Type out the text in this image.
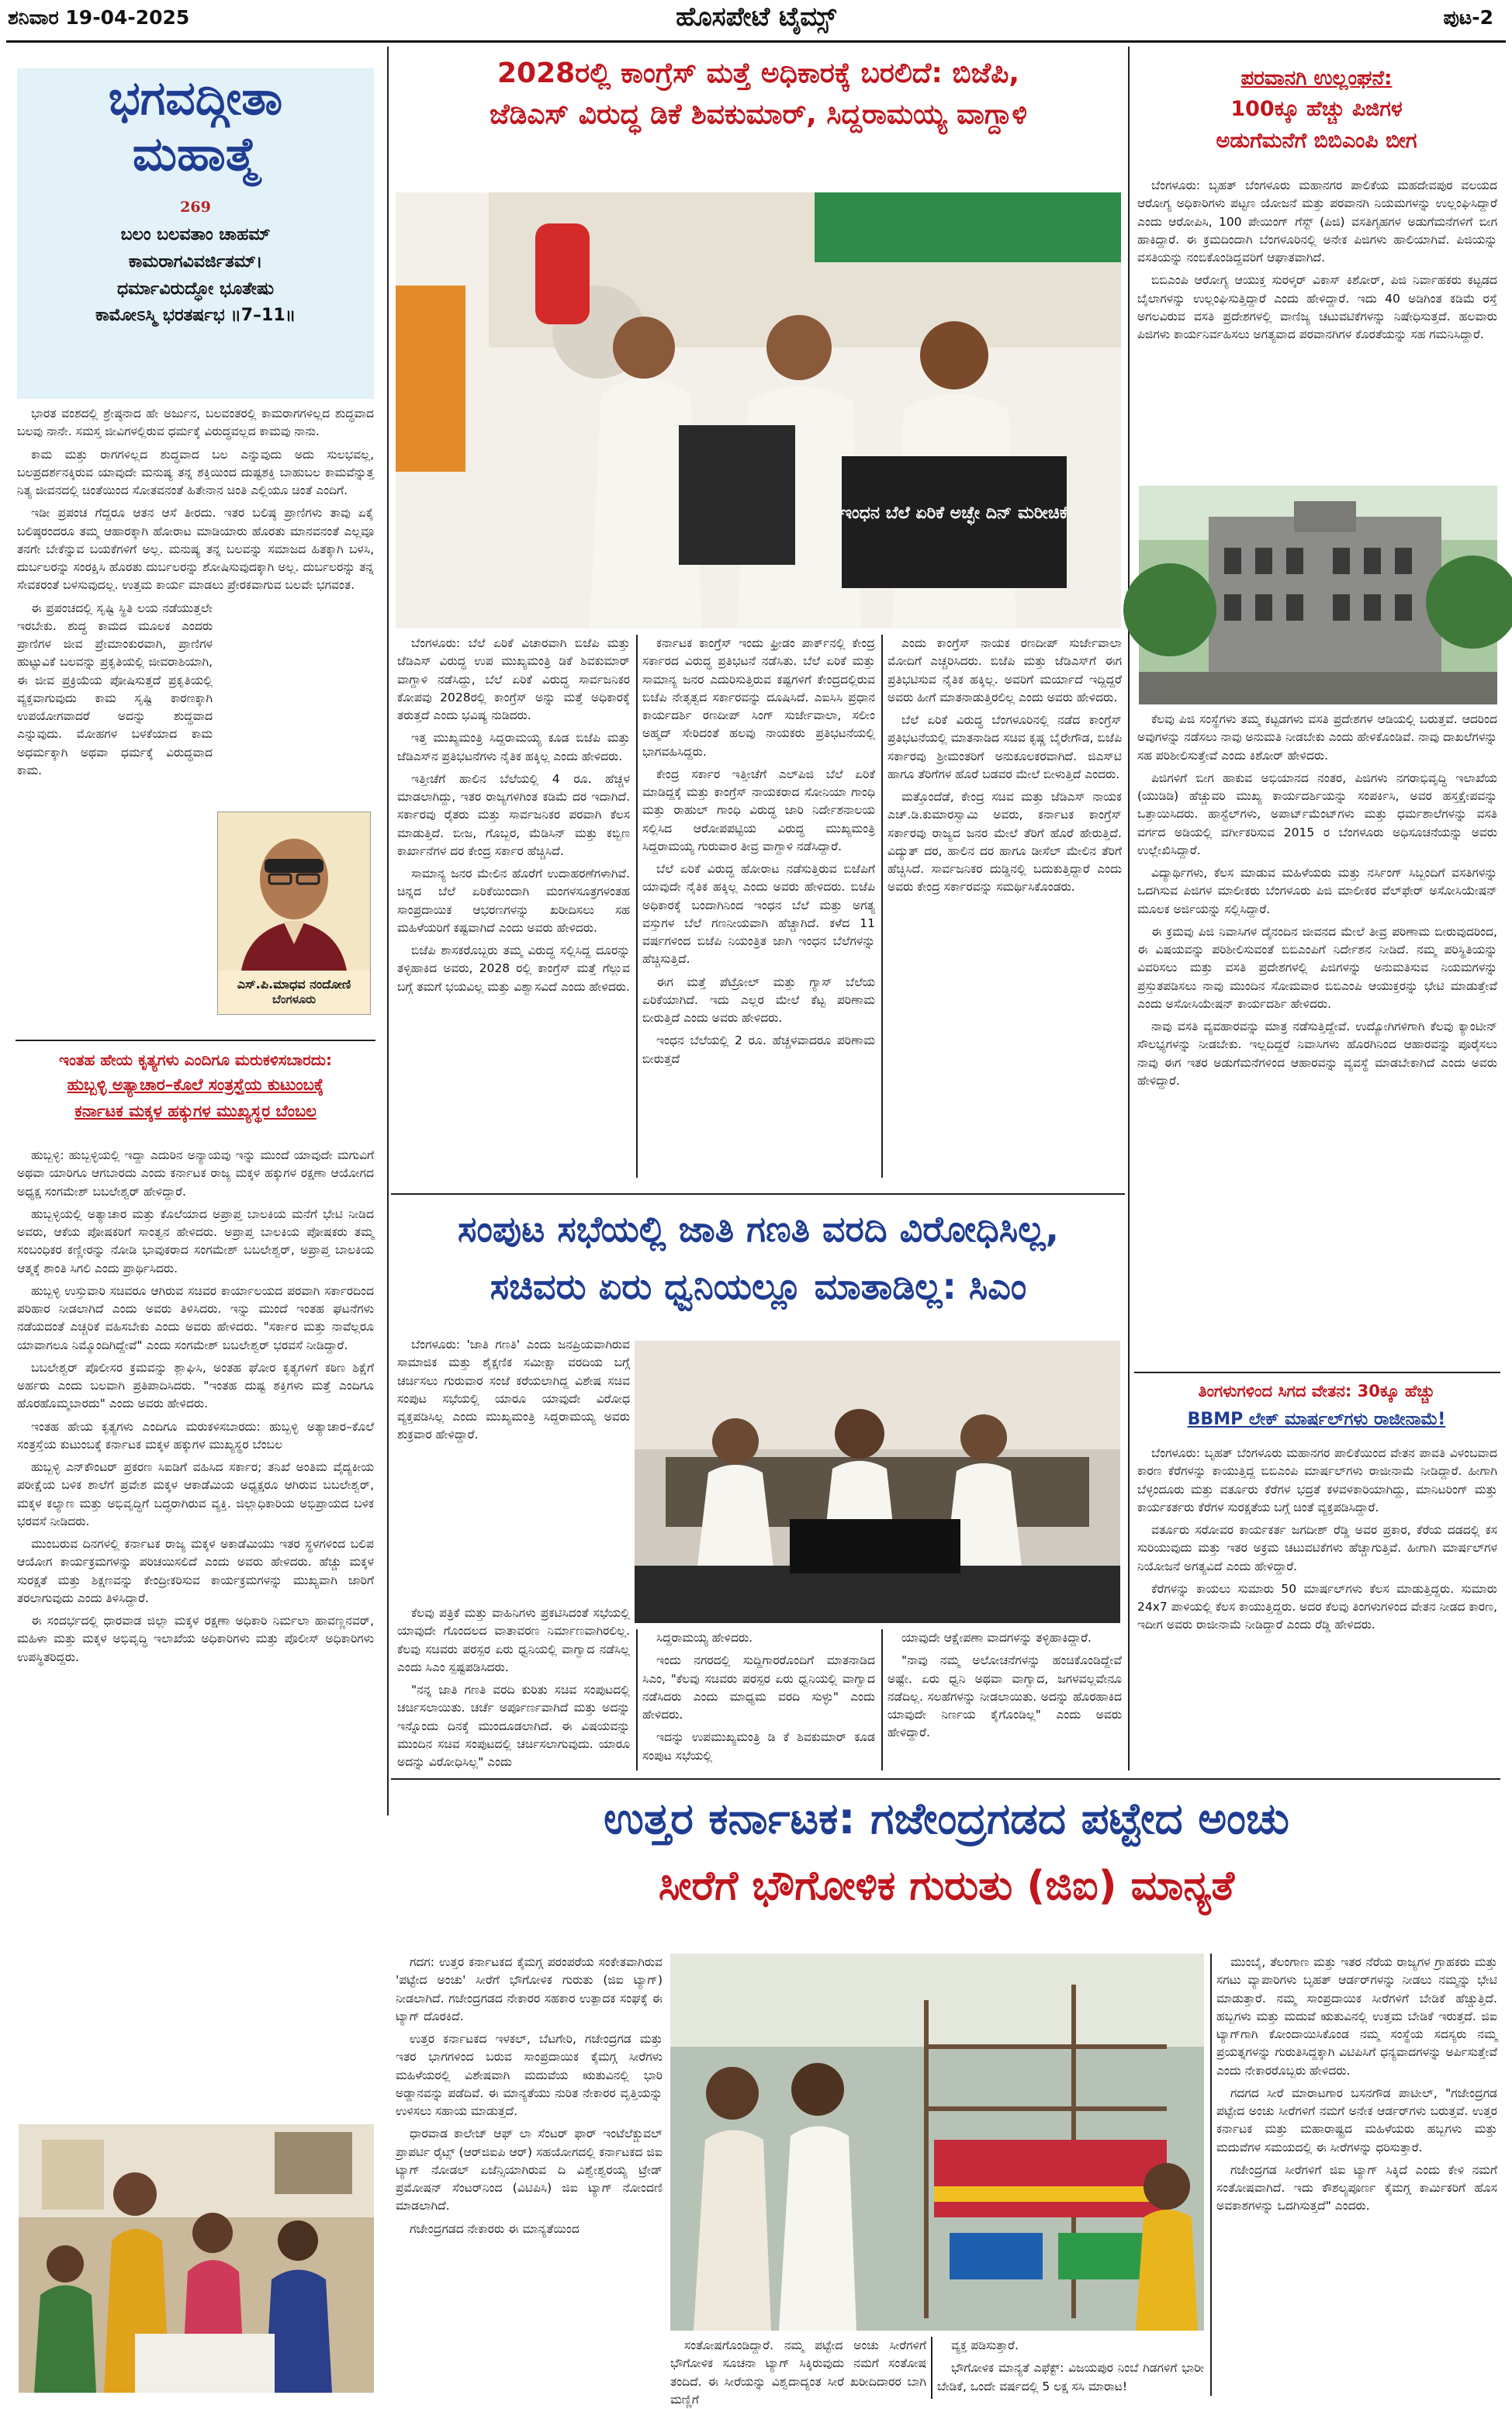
ಶನಿವಾರ 19-04-2025	ಹೊಸಪೇಟೆ ಟೈಮ್ಸ್	ಪುಟ-2
ಭಗವದ್ಗೀತಾ
ಮಹಾತ್ಮೆ
269
ಬಲಂ ಬಲವತಾಂ ಚಾಹಮ್
ಕಾಮರಾಗವಿವರ್ಜಿತಮ್।
ಧರ್ಮಾವಿರುದ್ಧೋ ಭೂತೇಷು
ಕಾಮೋಽಸ್ಮಿ ಭರತರ್ಷಭ ॥7–11॥

ಭಾರತ ವಂಶದಲ್ಲಿ ಶ್ರೇಷ್ಠನಾದ ಹೇ ಅರ್ಜುನ, ಬಲವಂತರಲ್ಲಿ ಕಾಮರಾಗಗಳಿಲ್ಲದ ಶುದ್ಧವಾದ ಬಲವು ನಾನೇ. ಸಮಸ್ತ ಜೀವಿಗಳಲ್ಲಿರುವ ಧರ್ಮಕ್ಕೆ ವಿರುದ್ಧವಲ್ಲದ ಕಾಮವು ನಾನು.

ಕಾಮ ಮತ್ತು ರಾಗಗಳಿಲ್ಲದ ಶುದ್ಧವಾದ ಬಲ ಎನ್ನುವುದು ಅದು ಸುಲಭವಲ್ಲ, ಬಲಪ್ರದರ್ಶನಕ್ಕಿರುವ ಯಾವುದೇ ಮನುಷ್ಯ ತನ್ನ ಶಕ್ತಿಯಿಂದ ದುಷ್ಟಶಕ್ತಿ ಬಾಹುಬಲ ಕಾಮವೆನ್ನುತ್ತ ನಿತ್ಯ ಜೀವನದಲ್ಲಿ ಚಿಂತೆಯಿಂದ ಸೋತವನಂತೆ ಹಿತೇನಾನ ಚಿಂತಿ ಎಲ್ಲಿಯೂ ಚಿಂತೆ ಎಂದಿಗೆ.

ಇಡೀ ಪ್ರಪಂಚ ಗೆದ್ದರೂ ಆತನ ಆಸೆ ತೀರದು. ಇತರ ಬಲಿಷ್ಠ ಪ್ರಾಣಿಗಳು ತಾವು ಏಕೈ ಬಲಿಷ್ಠರಂದರೂ ತಮ್ಮ ಆಹಾರಕ್ಕಾಗಿ ಹೋರಾಟ ಮಾಡಿಯಾರು ಹೊರತು ಮಾನವನಂತೆ ಎಲ್ಲವೂ ತನಗೇ ಬೇಕೆನ್ನುವ ಬಯಕೆಗಳಿಗೆ ಅಲ್ಲ. ಮನುಷ್ಯ ತನ್ನ ಬಲವನ್ನು ಸಮಾಜದ ಹಿತಕ್ಕಾಗಿ ಬಳಸಿ, ದುರ್ಬಲರನ್ನು ಸಂರಕ್ಷಿಸಿ ಹೊರತು ದುರ್ಬಲರನ್ನು ಶೋಷಿಸುವುದಕ್ಕಾಗಿ ಅಲ್ಲ. ದುರ್ಬಲರನ್ನು ತನ್ನ ಸೇವಕರಂತೆ ಬಳಸುವುದಲ್ಲ. ಉತ್ತಮ ಕಾರ್ಯ ಮಾಡಲು ಪ್ರೇರಕವಾಗುವ ಬಲವೇ ಭಗವಂತ.

ಈ ಪ್ರಪಂಚದಲ್ಲಿ ಸೃಷ್ಟಿ ಸ್ಥಿತಿ ಲಯ ನಡೆಯುತ್ತಲೇ ಇರಬೇಕು. ಶುದ್ಧ ಕಾಮದ ಮೂಲಕ ಎಂದರು ಪ್ರಾಣಿಗಳ ಜೀವ ಪ್ರೇಮಾಂಕುರವಾಗಿ, ಪ್ರಾಣಿಗಳ ಹುಟ್ಟುವಿಕೆ ಬಲವನ್ನು ಪ್ರಕೃತಿಯಲ್ಲಿ ಜೀವರಾಶಿಯಾಗಿ, ಈ ಜೀವ ಪ್ರಕ್ರಿಯೆಯ ಪೋಷಿಸುತ್ತದೆ ಪ್ರಕೃತಿಯಲ್ಲಿ ವ್ಯಕ್ತವಾಗುವುದು ಕಾಮ ಸೃಷ್ಟಿ ಕಾರಣಕ್ಕಾಗಿ ಉಪಯೋಗವಾದರೆ ಅದನ್ನು ಶುದ್ಧವಾದ ಎನ್ನುವುದು. ಮೋಹಗಳ ಬಳಕೆಯಾದ ಕಾಮ ಅಧರ್ಮಕ್ಕಾಗಿ ಅಥವಾ ಧರ್ಮಕ್ಕೆ ವಿರುದ್ಧವಾದ ಕಾಮ.

ಎಸ್.ಪಿ.ಮಾಧವ ನಂದೋಣಿ
ಬೆಂಗಳೂರು
ಇಂತಹ ಹೇಯ ಕೃತ್ಯಗಳು ಎಂದಿಗೂ ಮರುಕಳಿಸಬಾರದು:
ಹುಬ್ಬಳ್ಳಿ ಅತ್ಯಾಚಾರ–ಕೊಲೆ ಸಂತ್ರಸ್ತೆಯ ಕುಟುಂಬಕ್ಕೆ
ಕರ್ನಾಟಕ ಮಕ್ಕಳ ಹಕ್ಕುಗಳ ಮುಖ್ಯಸ್ಥರ ಬೆಂಬಲ

ಹುಬ್ಬಳ್ಳಿ: ಹುಬ್ಬಳ್ಳಿಯಲ್ಲಿ ಇದ್ದಾ ಎದುರಿನ ಅನ್ಯಾಯವು ಇನ್ನು ಮುಂದೆ ಯಾವುದೇ ಮಗುವಿಗೆ ಅಥವಾ ಯಾರಿಗೂ ಆಗಬಾರದು ಎಂದು ಕರ್ನಾಟಕ ರಾಜ್ಯ ಮಕ್ಕಳ ಹಕ್ಕುಗಳ ರಕ್ಷಣಾ ಆಯೋಗದ ಅಧ್ಯಕ್ಷ ಸಂಗಮೇಶ್ ಬಬಲೇಶ್ವರ್ ಹೇಳಿದ್ದಾರೆ.

ಹುಬ್ಬಳ್ಳಿಯಲ್ಲಿ ಅತ್ಯಾಚಾರ ಮತ್ತು ಕೊಲೆಯಾದ ಅಪ್ರಾಪ್ತ ಬಾಲಕಿಯ ಮನೆಗೆ ಭೇಟಿ ನೀಡಿದ ಅವರು, ಆಕೆಯ ಪೋಷಕರಿಗೆ ಸಾಂತ್ವನ ಹೇಳಿದರು. ಅಪ್ರಾಪ್ತ ಬಾಲಕಿಯ ಪೋಷಕರು ತಮ್ಮ ಸಂಬಂಧಿಕರ ಕಣ್ಣೀರನ್ನು ನೋಡಿ ಭಾವುಕರಾದ ಸಂಗಮೇಶ್ ಬಬಲೇಶ್ವರ್, ಅಪ್ರಾಪ್ತ ಬಾಲಕಿಯ ಆತ್ಮಕ್ಕೆ ಶಾಂತಿ ಸಿಗಲಿ ಎಂದು ಪ್ರಾರ್ಥಿಸಿದರು.

ಹುಬ್ಬಳ್ಳಿ ಉಸ್ತುವಾರಿ ಸಚಿವರೂ ಆಗಿರುವ ಸಚಿವರ ಕಾರ್ಯಾಲಯದ ಪರವಾಗಿ ಸರ್ಕಾರದಿಂದ ಪರಿಹಾರ ನೀಡಲಾಗಿದೆ ಎಂದು ಅವರು ತಿಳಿಸಿದರು. ಇನ್ನು ಮುಂದೆ ಇಂತಹ ಘಟನೆಗಳು ನಡೆಯದಂತೆ ಎಚ್ಚರಿಕೆ ವಹಿಸಬೇಕು ಎಂದು ಅವರು ಹೇಳಿದರು. "ಸರ್ಕಾರ ಮತ್ತು ನಾವೆಲ್ಲರೂ ಯಾವಾಗಲೂ ನಿಮ್ಮೊಂದಿಗಿದ್ದೇವೆ" ಎಂದು ಸಂಗಮೇಶ್ ಬಬಲೇಶ್ವರ್ ಭರವಸೆ ನೀಡಿದ್ದಾರೆ.

ಬಬಲೇಶ್ವರ್ ಪೊಲೀಸರ ಕ್ರಮವನ್ನು ಶ್ಲಾಘಿಸಿ, ಅಂತಹ ಘೋರ ಕೃತ್ಯಗಳಿಗೆ ಕಠಿಣ ಶಿಕ್ಷೆಗೆ ಅರ್ಹರು ಎಂದು ಬಲವಾಗಿ ಪ್ರತಿಪಾದಿಸಿದರು. "ಇಂತಹ ದುಷ್ಟ ಶಕ್ತಿಗಳು ಮತ್ತೆ ಎಂದಿಗೂ ಹೊರಹೊಮ್ಮಬಾರದು" ಎಂದು ಅವರು ಹೇಳಿದರು.

ಇಂತಹ ಹೇಯ ಕೃತ್ಯಗಳು ಎಂದಿಗೂ ಮರುಕಳಿಸಬಾರದು: ಹುಬ್ಬಳ್ಳಿ ಅತ್ಯಾಚಾರ–ಕೊಲೆ ಸಂತ್ರಸ್ತೆಯ ಕುಟುಂಬಕ್ಕೆ ಕರ್ನಾಟಕ ಮಕ್ಕಳ ಹಕ್ಕುಗಳ ಮುಖ್ಯಸ್ಥರ ಬೆಂಬಲ

ಹುಬ್ಬಳ್ಳಿ ಎನ್‌ಕೌಂಟರ್ ಪ್ರಕರಣ ಸಿಐಡಿಗೆ ವಹಿಸಿದ ಸರ್ಕಾರ; ತನಿಖೆ ಅಂತಿಮ ವೈದ್ಯಕೀಯ ಪರೀಕ್ಷೆಯ ಬಳಿಕ ಶಾಲೆಗೆ ಪ್ರವೇಶ ಮಕ್ಕಳ ಆಕಾಡೆಮಿಯ ಅಧ್ಯಕ್ಷರೂ ಆಗಿರುವ ಬಬಲೇಶ್ವರ್, ಮಕ್ಕಳ ಕಲ್ಯಾಣ ಮತ್ತು ಅಭಿವೃದ್ಧಿಗೆ ಬದ್ಧರಾಗಿರುವ ವ್ಯಕ್ತಿ. ಜಿಲ್ಲಾಧಿಕಾರಿಯ ಅಭಿಪ್ರಾಯದ ಬಳಿಕ ಭರವಸೆ ನೀಡಿದರು.

ಮುಂಬರುವ ದಿನಗಳಲ್ಲಿ ಕರ್ನಾಟಕ ರಾಜ್ಯ ಮಕ್ಕಳ ಅಕಾಡೆಮಿಯು ಇತರ ಸ್ಥಳಗಳಿಂದ ಬಲಿಪ ಆಯೋಗ ಕಾರ್ಯಕ್ರಮಗಳನ್ನು ಪರಿಚಯಿಸಲಿದೆ ಎಂದು ಅವರು ಹೇಳಿದರು. ಹೆಚ್ಚು ಮಕ್ಕಳ ಸುರಕ್ಷತೆ ಮತ್ತು ಶಿಕ್ಷಣವನ್ನು ಕೇಂದ್ರೀಕರಿಸುವ ಕಾರ್ಯಕ್ರಮಗಳನ್ನು ಮುಖ್ಯವಾಗಿ ಜಾರಿಗೆ ತರಲಾಗುವುದು ಎಂದು ತಿಳಿಸಿದ್ದಾರೆ.

ಈ ಸಂದರ್ಭದಲ್ಲಿ ಧಾರವಾಡ ಜಿಲ್ಲಾ ಮಕ್ಕಳ ರಕ್ಷಣಾ ಅಧಿಕಾರಿ ನಿರ್ಮಲಾ ಹಾವಣ್ಣನವರ್, ಮಹಿಳಾ ಮತ್ತು ಮಕ್ಕಳ ಅಭಿವೃದ್ಧಿ ಇಲಾಖೆಯ ಅಧಿಕಾರಿಗಳು ಮತ್ತು ಪೊಲೀಸ್ ಅಧಿಕಾರಿಗಳು ಉಪಸ್ಥಿತರಿದ್ದರು.

2028ರಲ್ಲಿ ಕಾಂಗ್ರೆಸ್ ಮತ್ತೆ ಅಧಿಕಾರಕ್ಕೆ ಬರಲಿದೆ: ಬಿಜೆಪಿ,
ಜೆಡಿಎಸ್ ವಿರುದ್ಧ ಡಿಕೆ ಶಿವಕುಮಾರ್, ಸಿದ್ದರಾಮಯ್ಯ ವಾಗ್ದಾಳಿ
ಇಂಧನ ಬೆಲೆ ಏರಿಕೆ ಅಚ್ಛೇ ದಿನ್ ಮರೀಚಿಕೆ

ಬೆಂಗಳೂರು: ಬೆಲೆ ಏರಿಕೆ ವಿಚಾರವಾಗಿ ಬಿಜೆಪಿ ಮತ್ತು ಜೆಡಿಎಸ್ ವಿರುದ್ಧ ಉಪ ಮುಖ್ಯಮಂತ್ರಿ ಡಿಕೆ ಶಿವಕುಮಾರ್ ವಾಗ್ದಾಳಿ ನಡೆಸಿದ್ದು, ಬೆಲೆ ಏರಿಕೆ ವಿರುದ್ಧ ಸಾರ್ವಜನಿಕರ ಕೋಪವು 2028ರಲ್ಲಿ ಕಾಂಗ್ರೆಸ್ ಅನ್ನು ಮತ್ತೆ ಅಧಿಕಾರಕ್ಕೆ ತರುತ್ತದೆ ಎಂದು ಭವಿಷ್ಯ ನುಡಿದರು.

ಇತ್ತ ಮುಖ್ಯಮಂತ್ರಿ ಸಿದ್ದರಾಮಯ್ಯ ಕೂಡ ಬಿಜೆಪಿ ಮತ್ತು ಜೆಡಿಎಸ್‌ನ ಪ್ರತಿಭಟನೆಗಳು ನೈತಿಕ ಹಕ್ಕಿಲ್ಲ ಎಂದು ಹೇಳಿದರು.

ಇತ್ತೀಚೆಗೆ ಹಾಲಿನ ಬೆಲೆಯಲ್ಲಿ 4 ರೂ. ಹೆಚ್ಚಳ ಮಾಡಲಾಗಿದ್ದು, ಇತರ ರಾಜ್ಯಗಳಿಗಿಂತ ಕಡಿಮೆ ದರ ಇದಾಗಿದೆ. ಸರ್ಕಾರವು ರೈತರು ಮತ್ತು ಸಾರ್ವಜನಿಕರ ಪರವಾಗಿ ಕೆಲಸ ಮಾಡುತ್ತಿದೆ. ಬೀಜ, ಗೊಬ್ಬರ, ಮೆಡಿಸಿನ್ ಮತ್ತು ಕಬ್ಬಿಣ ಕಾರ್ಖಾನೆಗಳ ದರ ಕೇಂದ್ರ ಸರ್ಕಾರ ಹೆಚ್ಚಿಸಿದೆ.

ಸಾಮಾನ್ಯ ಜನರ ಮೇಲಿನ ಹೊರೆಗೆ ಉದಾಹರಣೆಗಳಾಗಿವೆ. ಚಿನ್ನದ ಬೆಲೆ ಏರಿಕೆಯಿಂದಾಗಿ ಮಂಗಳಸೂತ್ರಗಳಂತಹ ಸಾಂಪ್ರದಾಯಿಕ ಆಭರಣಗಳನ್ನು ಖರೀದಿಸಲು ಸಹ ಮಹಿಳೆಯರಿಗೆ ಕಷ್ಟವಾಗಿದೆ ಎಂದು ಅವರು ಹೇಳಿದರು.

ಬಿಜೆಪಿ ಶಾಸಕರೊಬ್ಬರು ತಮ್ಮ ವಿರುದ್ಧ ಸಲ್ಲಿಸಿದ್ದ ದೂರನ್ನು ತಳ್ಳಿಹಾಕಿದ ಅವರು, 2028 ರಲ್ಲಿ ಕಾಂಗ್ರೆಸ್ ಮತ್ತೆ ಗೆಲ್ಲುವ ಬಗ್ಗೆ ತಮಗೆ ಭಯವಿಲ್ಲ ಮತ್ತು ವಿಶ್ವಾಸವಿದೆ ಎಂದು ಹೇಳಿದರು.

ಕರ್ನಾಟಕ ಕಾಂಗ್ರೆಸ್ ಇಂದು ಫ್ರೀಡಂ ಪಾರ್ಕ್‌ನಲ್ಲಿ ಕೇಂದ್ರ ಸರ್ಕಾರದ ವಿರುದ್ಧ ಪ್ರತಿಭಟನೆ ನಡೆಸಿತು. ಬೆಲೆ ಏರಿಕೆ ಮತ್ತು ಸಾಮಾನ್ಯ ಜನರ ಎದುರಿಸುತ್ತಿರುವ ಕಷ್ಟಗಳಿಗೆ ಕೇಂದ್ರದಲ್ಲಿರುವ ಬಿಜೆಪಿ ನೇತೃತ್ವದ ಸರ್ಕಾರವನ್ನು ದೂಷಿಸಿದೆ. ಎಐಸಿಸಿ ಪ್ರಧಾನ ಕಾರ್ಯದರ್ಶಿ ರಣದೀಪ್ ಸಿಂಗ್ ಸುರ್ಜೇವಾಲಾ, ಸಲೀಂ ಅಹ್ಮದ್ ಸೇರಿದಂತೆ ಹಲವು ನಾಯಕರು ಪ್ರತಿಭಟನೆಯಲ್ಲಿ ಭಾಗವಹಿಸಿದ್ದರು.

ಕೇಂದ್ರ ಸರ್ಕಾರ ಇತ್ತೀಚೆಗೆ ಎಲ್‌ಪಿಜಿ ಬೆಲೆ ಏರಿಕೆ ಮಾಡಿದ್ದಕ್ಕೆ ಮತ್ತು ಕಾಂಗ್ರೆಸ್ ನಾಯಕರಾದ ಸೋನಿಯಾ ಗಾಂಧಿ ಮತ್ತು ರಾಹುಲ್ ಗಾಂಧಿ ವಿರುದ್ಧ ಜಾರಿ ನಿರ್ದೇಶನಾಲಯ ಸಲ್ಲಿಸಿದ ಆರೋಪಪಟ್ಟಿಯ ವಿರುದ್ಧ ಮುಖ್ಯಮಂತ್ರಿ ಸಿದ್ದರಾಮಯ್ಯ ಗುರುವಾರ ತೀವ್ರ ವಾಗ್ದಾಳಿ ನಡೆಸಿದ್ದಾರೆ.

ಬೆಲೆ ಏರಿಕೆ ವಿರುದ್ಧ ಹೋರಾಟ ನಡೆಸುತ್ತಿರುವ ಬಿಜೆಪಿಗೆ ಯಾವುದೇ ನೈತಿಕ ಹಕ್ಕಿಲ್ಲ ಎಂದು ಅವರು ಹೇಳಿದರು. ಬಿಜೆಪಿ ಅಧಿಕಾರಕ್ಕೆ ಬಂದಾಗಿನಿಂದ ಇಂಧನ ಬೆಲೆ ಮತ್ತು ಅಗತ್ಯ ವಸ್ತುಗಳ ಬೆಲೆ ಗಣನೀಯವಾಗಿ ಹೆಚ್ಚಾಗಿದೆ. ಕಳೆದ 11 ವರ್ಷಗಳಿಂದ ಬಿಜೆಪಿ ನಿಯಂತ್ರಿತ ಜಾಗಿ ಇಂಧನ ಬೆಲೆಗಳನ್ನು ಹೆಚ್ಚಿಸುತ್ತಿದೆ.

ಈಗ ಮತ್ತೆ ಪೆಟ್ರೋಲ್ ಮತ್ತು ಗ್ಯಾಸ್ ಬೆಲೆಯ ಏರಿಕೆಯಾಗಿದೆ. ಇದು ಎಲ್ಲರ ಮೇಲೆ ಕೆಟ್ಟ ಪರಿಣಾಮ ಬೀರುತ್ತಿದೆ ಎಂದು ಅವರು ಹೇಳಿದರು.

ಇಂಧನ ಬೆಲೆಯಲ್ಲಿ 2 ರೂ. ಹೆಚ್ಚಳವಾದರೂ ಪರಿಣಾಮ ಬೀರುತ್ತದೆ

ಎಂದು ಕಾಂಗ್ರೆಸ್ ನಾಯಕ ರಣದೀಪ್ ಸುರ್ಜೇವಾಲಾ ಮೋದಿಗೆ ಎಚ್ಚರಿಸಿದರು. ಬಿಜೆಪಿ ಮತ್ತು ಜೆಡಿಎಸ್‌ಗೆ ಈಗ ಪ್ರತಿಭಟಿಸುವ ನೈತಿಕ ಹಕ್ಕಿಲ್ಲ. ಅವರಿಗೆ ಮರ್ಯಾದೆ ಇದ್ದಿದ್ದರೆ ಅವರು ಹೀಗೆ ಮಾತನಾಡುತ್ತಿರಲಿಲ್ಲ ಎಂದು ಅವರು ಹೇಳಿದರು.

ಬೆಲೆ ಏರಿಕೆ ವಿರುದ್ಧ ಬೆಂಗಳೂರಿನಲ್ಲಿ ನಡೆದ ಕಾಂಗ್ರೆಸ್ ಪ್ರತಿಭಟನೆಯಲ್ಲಿ ಮಾತನಾಡಿದ ಸಚಿವ ಕೃಷ್ಣ ಬೈರೇಗೌಡ, ಬಿಜೆಪಿ ಸರ್ಕಾರವು ಶ್ರೀಮಂತರಿಗೆ ಅನುಕೂಲಕರವಾಗಿದೆ. ಜಿಎಸ್‌ಟಿ ಹಾಗೂ ತೆರಿಗೆಗಳ ಹೊರೆ ಬಡವರ ಮೇಲೆ ಬೀಳುತ್ತಿದೆ ಎಂದರು.

ಮತ್ತೊಂದೆಡೆ, ಕೇಂದ್ರ ಸಚಿವ ಮತ್ತು ಜೆಡಿಎಸ್ ನಾಯಕ ಎಚ್.ಡಿ.ಕುಮಾರಸ್ವಾಮಿ ಅವರು, ಕರ್ನಾಟಕ ಕಾಂಗ್ರೆಸ್ ಸರ್ಕಾರವು ರಾಜ್ಯದ ಜನರ ಮೇಲೆ ತೆರಿಗೆ ಹೊರೆ ಹೇರುತ್ತಿದೆ. ವಿದ್ಯುತ್ ದರ, ಹಾಲಿನ ದರ ಹಾಗೂ ಡೀಸೆಲ್ ಮೇಲಿನ ತೆರಿಗೆ ಹೆಚ್ಚಿಸಿದೆ. ಸಾರ್ವಜನಿಕರ ದುಡ್ಡಿನಲ್ಲಿ ಬದುಕುತ್ತಿದ್ದಾರೆ ಎಂದು ಅವರು ಕೇಂದ್ರ ಸರ್ಕಾರವನ್ನು ಸಮರ್ಥಿಸಿಕೊಂಡರು.

ಸಂಪುಟ ಸಭೆಯಲ್ಲಿ ಜಾತಿ ಗಣತಿ ವರದಿ ವಿರೋಧಿಸಿಲ್ಲ,
ಸಚಿವರು ಏರು ಧ್ವನಿಯಲ್ಲೂ ಮಾತಾಡಿಲ್ಲ: ಸಿಎಂ

ಬೆಂಗಳೂರು: 'ಜಾತಿ ಗಣತಿ' ಎಂದು ಜನಪ್ರಿಯವಾಗಿರುವ ಸಾಮಾಜಿಕ ಮತ್ತು ಶೈಕ್ಷಣಿಕ ಸಮೀಕ್ಷಾ ವರದಿಯ ಬಗ್ಗೆ ಚರ್ಚಿಸಲು ಗುರುವಾರ ಸಂಜೆ ಕರೆಯಲಾಗಿದ್ದ ವಿಶೇಷ ಸಚಿವ ಸಂಪುಟ ಸಭೆಯಲ್ಲಿ ಯಾರೂ ಯಾವುದೇ ವಿರೋಧ ವ್ಯಕ್ತಪಡಿಸಿಲ್ಲ ಎಂದು ಮುಖ್ಯಮಂತ್ರಿ ಸಿದ್ದರಾಮಯ್ಯ ಅವರು ಶುಕ್ರವಾರ ಹೇಳಿದ್ದಾರೆ.

ಕೆಲವು ಪತ್ರಿಕೆ ಮತ್ತು ವಾಹಿನಿಗಳು ಪ್ರಕಟಿಸಿದಂತೆ ಸಭೆಯಲ್ಲಿ ಯಾವುದೇ ಗೊಂದಲದ ವಾತಾವರಣ ನಿರ್ಮಾಣವಾಗಿರಲಿಲ್ಲ. ಕೆಲವು ಸಚಿವರು ಪರಸ್ಪರ ಏರು ಧ್ವನಿಯಲ್ಲಿ ವಾಗ್ವಾದ ನಡೆಸಿಲ್ಲ ಎಂದು ಸಿಎಂ ಸ್ಪಷ್ಟಪಡಿಸಿದರು.

"ನನ್ನ ಜಾತಿ ಗಣತಿ ವರದಿ ಕುರಿತು ಸಚಿವ ಸಂಪುಟದಲ್ಲಿ ಚರ್ಚಿಸಲಾಯಿತು. ಚರ್ಚೆ ಅರ್ಪೂರ್ಣವಾಗಿದೆ ಮತ್ತು ಅದನ್ನು ಇನ್ನೊಂದು ದಿನಕ್ಕೆ ಮುಂದೂಡಲಾಗಿದೆ. ಈ ವಿಷಯವನ್ನು ಮುಂದಿನ ಸಚಿವ ಸಂಪುಟದಲ್ಲಿ ಚರ್ಚಿಸಲಾಗುವುದು. ಯಾರೂ ಅದನ್ನು ವಿರೋಧಿಸಿಲ್ಲ" ಎಂದು

ಸಿದ್ದರಾಮಯ್ಯ ಹೇಳಿದರು.

ಇಂದು ನಗರದಲ್ಲಿ ಸುದ್ದಿಗಾರರೊಂದಿಗೆ ಮಾತನಾಡಿದ ಸಿಎಂ, "ಕೆಲವು ಸಚಿವರು ಪರಸ್ಪರ ಏರು ಧ್ವನಿಯಲ್ಲಿ ವಾಗ್ವಾದ ನಡೆಸಿದರು ಎಂದು ಮಾಧ್ಯಮ ವರದಿ ಸುಳ್ಳು" ಎಂದು ಹೇಳಿದರು.

ಇದನ್ನು ಉಪಮುಖ್ಯಮಂತ್ರಿ ಡಿ ಕೆ ಶಿವಕುಮಾರ್ ಕೂಡ ಸಂಪುಟ ಸಭೆಯಲ್ಲಿ

ಯಾವುದೇ ಆಕ್ಷೇಪಣಾ ವಾದಗಳನ್ನು ತಳ್ಳಿಹಾಕಿದ್ದಾರೆ.

"ನಾವು ನಮ್ಮ ಅಲೋಚನೆಗಳನ್ನು ಹಂಚಿಕೊಂಡಿದ್ದೇವೆ ಅಷ್ಟೇ. ಏರು ಧ್ವನಿ ಅಥವಾ ವಾಗ್ವಾದ, ಜಗಳವಲ್ಲವೇನೂ ನಡೆದಿಲ್ಲ. ಸಲಹೆಗಳನ್ನು ನೀಡಲಾಯಿತು. ಅದನ್ನು ಹೊರಹಾಕಿದ ಯಾವುದೇ ನಿರ್ಣಯ ಕೈಗೊಂಡಿಲ್ಲ" ಎಂದು ಅವರು ಹೇಳಿದ್ದಾರೆ.

ಪರವಾನಗಿ ಉಲ್ಲಂಘನೆ:
100ಕ್ಕೂ ಹೆಚ್ಚು ಪಿಜಿಗಳ
ಅಡುಗೆಮನೆಗೆ ಬಿಬಿಎಂಪಿ ಬೀಗ

ಬೆಂಗಳೂರು: ಬೃಹತ್ ಬೆಂಗಳೂರು ಮಹಾನಗರ ಪಾಲಿಕೆಯ ಮಹದೇವಪುರ ವಲಯದ ಆರೋಗ್ಯ ಅಧಿಕಾರಿಗಳು ಪಟ್ಟಣ ಯೋಜನೆ ಮತ್ತು ಪರವಾನಗಿ ನಿಯಮಗಳನ್ನು ಉಲ್ಲಂಘಿಸಿದ್ದಾರೆ ಎಂದು ಆರೋಪಿಸಿ, 100 ಪೇಯಿಂಗ್ ಗೆಸ್ಟ್ (ಪಿಜಿ) ವಸತಿಗೃಹಗಳ ಅಡುಗೆಮನೆಗಳಿಗೆ ಬೀಗ ಹಾಕಿದ್ದಾರೆ. ಈ ಕ್ರಮದಿಂದಾಗಿ ಬೆಂಗಳೂರಿನಲ್ಲಿ ಅನೇಕ ಪಿಜಿಗಳು ಹಾಲಿಯಾಗಿವೆ. ಪಿಜಿಯನ್ನು ವಸತಿಯನ್ನು ನಂಬಿಕೊಂಡಿದ್ದವರಿಗೆ ಆಘಾತವಾಗಿದೆ.

ಬಿಬಿಎಂಪಿ ಆರೋಗ್ಯ ಆಯುಕ್ತ ಸುರಳ್ಕರ್ ವಿಕಾಸ್ ಕಿಶೋರ್, ಪಿಜಿ ನಿರ್ವಾಹಕರು ಕಟ್ಟಡದ ಬೈಲಾಗಳನ್ನು ಉಲ್ಲಂಘಿಸುತ್ತಿದ್ದಾರೆ ಎಂದು ಹೇಳಿದ್ದಾರೆ. ಇದು 40 ಅಡಿಗಿಂತ ಕಡಿಮೆ ರಸ್ತೆ ಅಗಲವಿರುವ ವಸತಿ ಪ್ರದೇಶಗಳಲ್ಲಿ ವಾಣಿಜ್ಯ ಚಟುವಟಿಕೆಗಳನ್ನು ನಿಷೇಧಿಸುತ್ತದೆ. ಹಲವಾರು ಪಿಜಿಗಳು ಕಾರ್ಯನಿರ್ವಹಿಸಲು ಅಗತ್ಯವಾದ ಪರವಾನಗಿಗಳ ಕೊರತೆಯನ್ನು ಸಹ ಗಮನಿಸಿದ್ದಾರೆ.

ಕೆಲವು ಪಿಜಿ ಸಂಸ್ಥೆಗಳು ತಮ್ಮ ಕಟ್ಟಡಗಳು ವಸತಿ ಪ್ರದೇಶಗಳ ಆಡಿಯಲ್ಲಿ ಬರುತ್ತವೆ. ಆದರಿಂದ ಅವುಗಳನ್ನು ನಡೆಸಲು ನಾವು ಅನುಮತಿ ನೀಡಬೇಕು ಎಂದು ಹೇಳಿಕೊಂಡಿವೆ. ನಾವು ದಾಖಲೆಗಳನ್ನು ಸಹ ಪರಿಶೀಲಿಸುತ್ತೇವೆ ಎಂದು ಕಿಶೋರ್ ಹೇಳಿದರು.

ಪಿಜಿಗಳಿಗೆ ಬೀಗ ಹಾಕುವ ಅಭಿಯಾನದ ನಂತರ, ಪಿಜಿಗಳು ನಗರಾಭಿವೃದ್ಧಿ ಇಲಾಖೆಯ (ಯುಡಿಡಿ) ಹೆಚ್ಚುವರಿ ಮುಖ್ಯ ಕಾರ್ಯದರ್ಶಿಯನ್ನು ಸಂಪರ್ಕಿಸಿ, ಅವರ ಹಸ್ತಕ್ಷೇಪವನ್ನು ಒತ್ತಾಯಿಸಿದರು. ಹಾಸ್ಟೆಲ್‌ಗಳು, ಅಪಾರ್ಟ್‌ಮೆಂಟ್‌ಗಳು ಮತ್ತು ಧರ್ಮಶಾಲೆಗಳನ್ನು ವಸತಿ ವರ್ಗದ ಅಡಿಯಲ್ಲಿ ವರ್ಗೀಕರಿಸುವ 2015 ರ ಬೆಂಗಳೂರು ಅಧಿಸೂಚನೆಯನ್ನು ಅವರು ಉಲ್ಲೇಖಿಸಿದ್ದಾರೆ.

ವಿದ್ಯಾರ್ಥಿಗಳು, ಕೆಲಸ ಮಾಡುವ ಮಹಿಳೆಯರು ಮತ್ತು ನರ್ಸಿಂಗ್ ಸಿಬ್ಬಂದಿಗೆ ವಸತಿಗಳನ್ನು ಒದಗಿಸುವ ಪಿಜಿಗಳ ಮಾಲೀಕರು ಬೆಂಗಳೂರು ಪಿಜಿ ಮಾಲೀಕರ ವೆಲ್‌ಫೇರ್ ಅಸೋಸಿಯೇಷನ್ ಮೂಲಕ ಅರ್ಜಿಯನ್ನು ಸಲ್ಲಿಸಿದ್ದಾರೆ.

ಈ ಕ್ರಮವು ಪಿಜಿ ನಿವಾಸಿಗಳ ದೈನಂದಿನ ಜೀವನದ ಮೇಲೆ ತೀವ್ರ ಪರಿಣಾಮ ಬೀರುವುದರಿಂದ, ಈ ವಿಷಯವನ್ನು ಪರಿಶೀಲಿಸುವಂತೆ ಬಿಬಿಎಂಪಿಗೆ ನಿರ್ದೇಶನ ನೀಡಿದೆ. ನಮ್ಮ ಪರಿಸ್ಥಿತಿಯನ್ನು ವಿವರಿಸಲು ಮತ್ತು ವಸತಿ ಪ್ರದೇಶಗಳಲ್ಲಿ ಪಿಜಿಗಳನ್ನು ಅನುಮತಿಸುವ ನಿಯಮಗಳನ್ನು ಪ್ರಸ್ತುತಪಡಿಸಲು ನಾವು ಮುಂದಿನ ಸೋಮವಾರ ಬಿಬಿಎಂಪಿ ಆಯುಕ್ತರನ್ನು ಭೇಟಿ ಮಾಡುತ್ತೇವೆ ಎಂದು ಅಸೋಸಿಯೇಷನ್ ಕಾರ್ಯದರ್ಶಿ ಹೇಳಿದರು.

ನಾವು ವಸತಿ ವ್ಯವಹಾರವನ್ನು ಮಾತ್ರ ನಡೆಸುತ್ತಿದ್ದೇವೆ. ಉದ್ಯೋಗಿಗಳಿಗಾಗಿ ಕೆಲವು ಕ್ಯಾಂಟೀನ್ ಸೌಲಭ್ಯಗಳನ್ನು ನೀಡಬೇಕು. ಇಲ್ಲದಿದ್ದರೆ ನಿವಾಸಿಗಳು ಹೊರಗಿನಿಂದ ಆಹಾರವನ್ನು ಪೂರೈಸಲು ನಾವು ಈಗ ಇತರ ಅಡುಗೆಮನೆಗಳಿಂದ ಆಹಾರವನ್ನು ವ್ಯವಸ್ಥೆ ಮಾಡಬೇಕಾಗಿದೆ ಎಂದು ಅವರು ಹೇಳಿದ್ದಾರೆ.

ತಿಂಗಳುಗಳಿಂದ ಸಿಗದ ವೇತನ: 30ಕ್ಕೂ ಹೆಚ್ಚು
BBMP ಲೇಕ್ ಮಾರ್ಷಲ್‌ಗಳು ರಾಜೀನಾಮೆ!

ಬೆಂಗಳೂರು: ಬೃಹತ್ ಬೆಂಗಳೂರು ಮಹಾನಗರ ಪಾಲಿಕೆಯಿಂದ ವೇತನ ಪಾವತಿ ವಿಳಂಬವಾದ ಕಾರಣ ಕೆರೆಗಳನ್ನು ಕಾಯುತ್ತಿದ್ದ ಬಿಬಿಎಂಪಿ ಮಾರ್ಷಲ್‌ಗಳು ರಾಜೀನಾಮೆ ನೀಡಿದ್ದಾರೆ. ಹೀಗಾಗಿ ಬೆಳ್ಳಂದೂರು ಮತ್ತು ವರ್ತೂರು ಕೆರೆಗಳ ಭದ್ರತೆ ಕಳವಳಕಾರಿಯಾಗಿದ್ದು, ಮಾನಿಟರಿಂಗ್ ಮತ್ತು ಕಾರ್ಯಕರ್ತರು ಕೆರೆಗಳ ಸುರಕ್ಷತೆಯ ಬಗ್ಗೆ ಚಿಂತೆ ವ್ಯಕ್ತಪಡಿಸಿದ್ದಾರೆ.

ವರ್ತೂರು ಸರೋವರ ಕಾರ್ಯಕರ್ತ ಜಗದೀಶ್ ರೆಡ್ಡಿ ಅವರ ಪ್ರಕಾರ, ಕೆರೆಯ ದಡದಲ್ಲಿ ಕಸ ಸುರಿಯುವುದು ಮತ್ತು ಇತರ ಅಕ್ರಮ ಚಟುವಟಿಕೆಗಳು ಹೆಚ್ಚಾಗುತ್ತಿವೆ. ಹೀಗಾಗಿ ಮಾರ್ಷಲ್‌ಗಳ ನಿಯೋಜನೆ ಅಗತ್ಯವಿದೆ ಎಂದು ಹೇಳಿದ್ದಾರೆ.

ಕೆರೆಗಳನ್ನು ಕಾಯಲು ಸುಮಾರು 50 ಮಾರ್ಷಲ್‌ಗಳು ಕೆಲಸ ಮಾಡುತ್ತಿದ್ದರು. ಸುಮಾರು 24x7 ಪಾಳಿಯಲ್ಲಿ ಕೆಲಸ ಕಾಯುತ್ತಿದ್ದರು. ಅದರ ಕೆಲವು ತಿಂಗಳುಗಳಿಂದ ವೇತನ ನೀಡದ ಕಾರಣ, ಇದೀಗ ಅವರು ರಾಜೀನಾಮೆ ನೀಡಿದ್ದಾರೆ ಎಂದು ರೆಡ್ಡಿ ಹೇಳಿದರು.

ಉತ್ತರ ಕರ್ನಾಟಕ: ಗಜೇಂದ್ರಗಡದ ಪಟ್ಟೇದ ಅಂಚು
ಸೀರೆಗೆ ಭೌಗೋಳಿಕ ಗುರುತು (ಜಿಐ) ಮಾನ್ಯತೆ

ಗದಗ: ಉತ್ತರ ಕರ್ನಾಟಕದ ಕೈಮಗ್ಗ ಪರಂಪರೆಯ ಸಂಕೇತವಾಗಿರುವ 'ಪಟ್ಟೇದ ಅಂಚು' ಸೀರೆಗೆ ಭೌಗೋಳಿಕ ಗುರುತು (ಜಿಐ ಟ್ಯಾಗ್) ನೀಡಲಾಗಿದೆ. ಗಜೇಂದ್ರಗಡದ ನೇಕಾರರ ಸಹಕಾರ ಉತ್ಪಾದಕ ಸಂಘಕ್ಕೆ ಈ ಟ್ಯಾಗ್ ದೊರಕಿದೆ.

ಉತ್ತರ ಕರ್ನಾಟಕದ ಇಳಕಲ್, ಬೆಟಗೇರಿ, ಗಜೇಂದ್ರಗಡ ಮತ್ತು ಇತರ ಭಾಗಗಳಿಂದ ಬರುವ ಸಾಂಪ್ರದಾಯಿಕ ಕೈಮಗ್ಗ ಸೀರೆಗಳು ಮಹಿಳೆಯರಲ್ಲಿ ವಿಶೇಷವಾಗಿ ಮದುವೆಯ ಋತುವಿನಲ್ಲಿ ಭಾರಿ ಅಡ್ಡಾನವನ್ನು ಪಡೆದಿವೆ. ಈ ಮಾನ್ಯತೆಯು ನುರಿತ ನೇಕಾರರ ವೃತ್ತಿಯನ್ನು ಉಳಿಸಲು ಸಹಾಯ ಮಾಡುತ್ತದೆ.

ಧಾರವಾಡ ಕಾಲೇಜ್ ಆಫ್ ಲಾ ಸೆಂಟರ್ ಫಾರ್ ಇಂಟೆಲೆಕ್ಚುವಲ್ ಪ್ರಾಪರ್ಟಿ ರೈಟ್ಸ್ (ಆರ್‌ಜಿಐಪಿ ಆರ್) ಸಹಯೋಗದಲ್ಲಿ ಕರ್ನಾಟಕದ ಜಿಐ ಟ್ಯಾಗ್ ನೋಡಲ್ ಏಜೆನ್ಸಿಯಾಗಿರುವ ದಿ ವಿಶ್ವೇಶ್ವರಯ್ಯ ಟ್ರೇಡ್ ಪ್ರಮೋಷನ್ ಸೆಂಟರ್‌ನಿಂದ (ವಿಟಿಪಿಸಿ) ಜಿಐ ಟ್ಯಾಗ್ ನೋಂದಣಿ ಮಾಡಲಾಗಿದೆ.

ಗಜೇಂದ್ರಗಡದ ನೇಕಾರರು ಈ ಮಾನ್ಯತೆಯಿಂದ

ಸಂತೋಷಗೊಂಡಿದ್ದಾರೆ. ನಮ್ಮ ಪಟ್ಟೇದ ಅಂಚು ಸೀರೆಗಳಿಗೆ ಭೌಗೋಳಿಕ ಸೂಚನಾ ಟ್ಯಾಗ್ ಸಿಕ್ಕಿರುವುದು ನಮಗೆ ಸಂತೋಷ ತಂದಿದೆ. ಈ ಸೀರೆಯನ್ನು ವಿಶ್ವದಾದ್ಯಂತ ಸೀರೆ ಖರೀದಿದಾರರ ಬಾಗಿ ಮಣ್ಣಿಗೆ

ವ್ಯಕ್ತ ಪಡಿಸುತ್ತಾರೆ.

ಭೌಗೋಳಿಕ ಮಾನ್ಯತೆ ಎಫೆಕ್ಟ್: ವಿಜಯಪುರ ನಿಂಬೆ ಗಿಡಗಳಿಗೆ ಭಾರೀ ಬೇಡಿಕೆ, ಒಂದೇ ವರ್ಷದಲ್ಲಿ 5 ಲಕ್ಷ ಸಸಿ ಮಾರಾಟ!

ಮುಂಬೈ, ತೆಲಂಗಾಣ ಮತ್ತು ಇತರ ನೆರೆಯ ರಾಜ್ಯಗಳ ಗ್ರಾಹಕರು ಮತ್ತು ಸಗಟು ವ್ಯಾಪಾರಿಗಳು ಬೃಹತ್ ಆರ್ಡರ್‌ಗಳನ್ನು ನೀಡಲು ನಮ್ಮನ್ನು ಭೇಟಿ ಮಾಡುತ್ತಾರೆ. ನಮ್ಮ ಸಾಂಪ್ರದಾಯಿಕ ಸೀರೆಗಳಿಗೆ ಬೇಡಿಕೆ ಹೆಚ್ಚುತ್ತಿದೆ. ಹಬ್ಬಗಳು ಮತ್ತು ಮದುವೆ ಋತುವಿನಲ್ಲಿ ಉತ್ತಮ ಬೇಡಿಕೆ ಇರುತ್ತದೆ. ಜಿಐ ಟ್ಯಾಗ್‌ಗಾಗಿ ಕೋಂದಾಯಿಸಿಕೊಂಡ ನಮ್ಮ ಸಂಸ್ಥೆಯ ಸದಸ್ಯರು ನಮ್ಮ ಪ್ರಯತ್ನಗಳನ್ನು ಗುರುತಿಸಿದ್ದಕ್ಕಾಗಿ ವಿಟಿಪಿಸಿಗೆ ಧನ್ಯವಾದಗಳನ್ನು ಅರ್ಪಿಸುತ್ತೇವೆ ಎಂದು ನೇಕಾರರೊಬ್ಬರು ಹೇಳಿದರು.

ಗದಗದ ಸೀರೆ ಮಾರಾಟಗಾರ ಬಸನಗೌಡ ಪಾಟೀಲ್, "ಗಜೇಂದ್ರಗಡ ಪಟ್ಟೇದ ಅಂಚು ಸೀರೆಗಳಿಗೆ ನಮಗೆ ಅನೇಕ ಆರ್ಡರ್‌ಗಳು ಬರುತ್ತವೆ. ಉತ್ತರ ಕರ್ನಾಟಕ ಮತ್ತು ಮಹಾರಾಷ್ಟ್ರದ ಮಹಿಳೆಯರು ಹಬ್ಬಗಳು ಮತ್ತು ಮದುವೆಗಳ ಸಮಯದಲ್ಲಿ ಈ ಸೀರೆಗಳನ್ನು ಧರಿಸುತ್ತಾರೆ.

ಗಜೇಂದ್ರಗಡ ಸೀರೆಗಳಿಗೆ ಜಿಐ ಟ್ಯಾಗ್ ಸಿಕ್ಕಿದೆ ಎಂದು ಕೇಳಿ ನಮಗೆ ಸಂತೋಷವಾಗಿದೆ. ಇದು ಕೌಶಲ್ಯಪೂರ್ಣ ಕೈಮಗ್ಗ ಕಾರ್ಮಿಕರಿಗೆ ಹೊಸ ಅವಕಾಶಗಳನ್ನು ಒದಗಿಸುತ್ತದೆ" ಎಂದರು.
